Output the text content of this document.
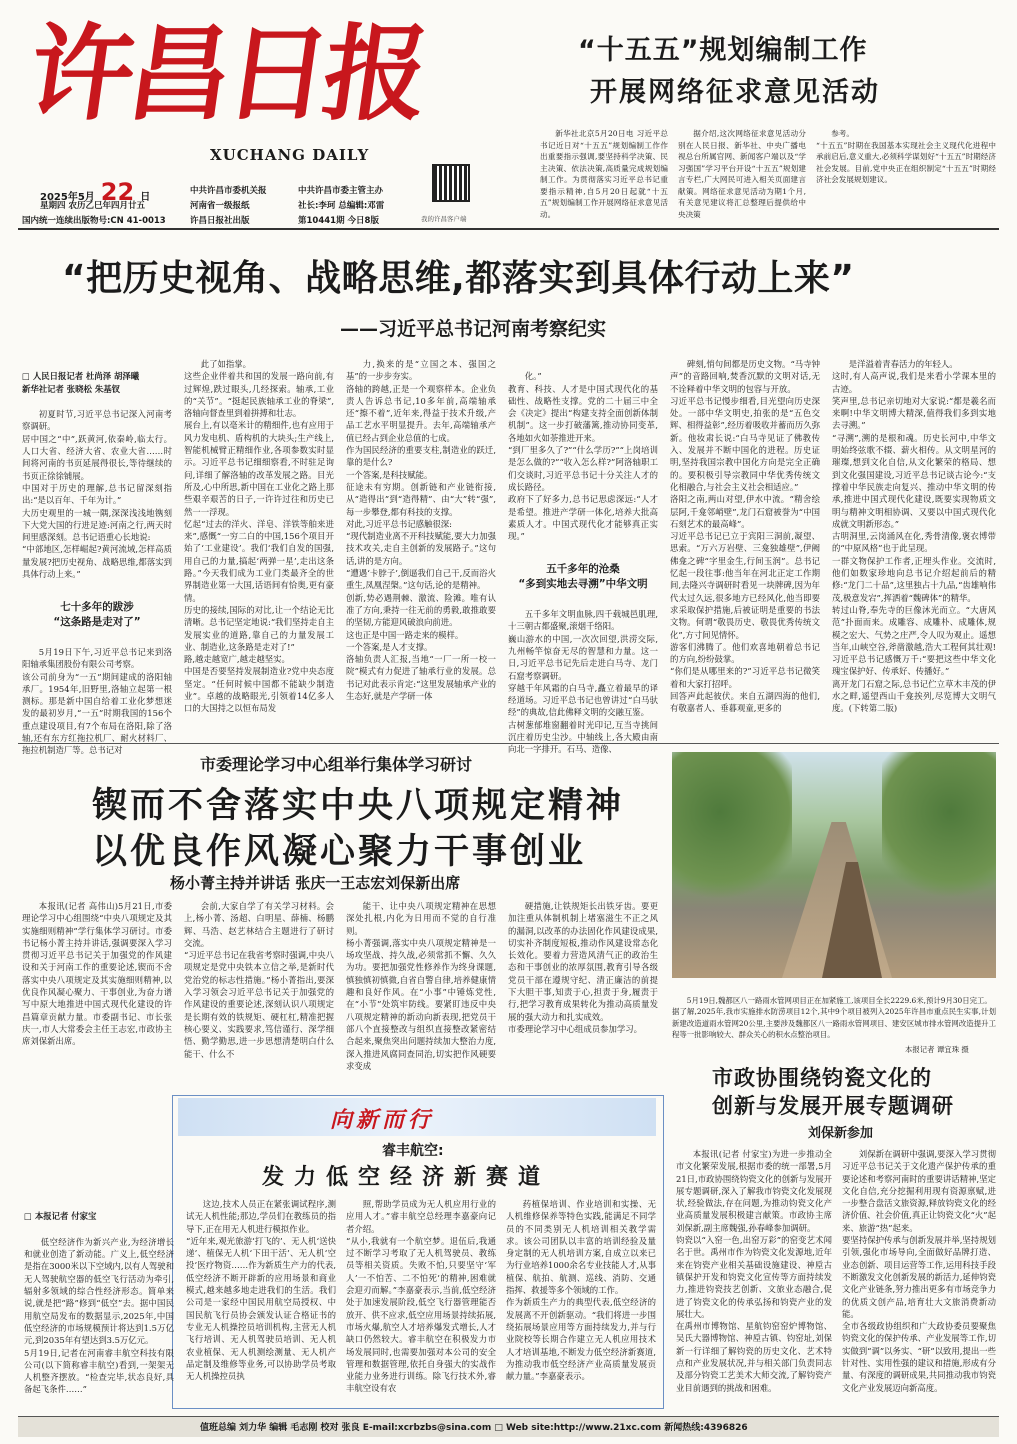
许昌日报
XUCHANG DAILY
2025年5月 22 日
星期四 农历乙巳年四月廿五
国内统一连续出版物号:CN 41-0013
中共许昌市委机关报
河南省一级报纸
许昌日报社出版
中共许昌市委主管主办
社长:李珂 总编辑:邓雷
第10441期 今日8版	我的许昌客户端
“十五五”规划编制工作
开展网络征求意见活动

新华社北京5月20日电 习近平总书记近日对“十五五”规划编制工作作出重要指示强调,要坚持科学决策、民主决策、依法决策,高质量完成规划编制工作。为贯彻落实习近平总书记重要指示精神,自5月20日起就“十五五”规划编制工作开展网络征求意见活动。

据介绍,这次网络征求意见活动分别在人民日报、新华社、中央广播电视总台所属官网、新闻客户端以及“学习强国”学习平台开设“十五五”规划建言专栏,广大网民可进入相关页面建言献策。网络征求意见活动为期1个月,有关意见建议将汇总整理后提供给中央决策

参考。
“十五五”时期在我国基本实现社会主义现代化进程中承前启后,意义重大,必须科学谋划好“十五五”时期经济社会发展。目前,党中央正在组织制定“十五五”时期经济社会发展规划建议。

“把历史视角、战略思维,都落实到具体行动上来”
——习近平总书记河南考察纪实

□ 人民日报记者 杜尚泽 胡泽曦
新华社记者 张晓松 朱基钗

初夏时节,习近平总书记深入河南考察调研。
居中国之“中”,跃黄河,依秦岭,临太行。人口大省、经济大省、农业大省……时间将河南的书页延展得很长,等待继续的书页正徐徐铺展。
中国对于历史的理解,总书记留深刻指出:“是以百年、千年为计。”
大历史观里的一城一隅,深深浅浅地镌刻下大党大国的行进足迹:河南之行,两天时间里感深刻。总书记语重心长地说:
“中部地区,怎样崛起?黄河流域,怎样高质量发展?把历史视角、战略思维,都落实到具体行动上来。”

七十多年的跋涉
“这条路是走对了”

5月19日下午,习近平总书记来到洛阳轴承集团股份有限公司考察。
该公司前身为“一五”期间建成的洛阳轴承厂。1954年,旧野里,洛轴立起第一根测标。那是新中国自给着工业化梦想迷发的最初岁月,“一五”时期我国的156个重点建设项目,有7个布局在洛阳,除了洛轴,还有东方红拖拉机厂、耐火材料厂、拖拉机制造厂等。总书记对

此了如指掌。
这些企业伴着共和国的发展一路向前,有过辉煌,跌过眼头,几经探索。轴承,工业的“关节”。“挺起民族轴承工业的脊梁”,洛轴向督查里到着拼搏和壮志。
展台上,有以毫米计的精细件,也有应用于风力发电机、盾构机的大块头;生产线上,智能机械臂正精细作业,各项参数实时显示。习近平总书记细细察看,不时驻足询问,详细了解洛轴的改革发展之路。目光所及,心中所思,新中国在工业化之路上那些艰辛艰苦的日子,一许许过往和历史已然一一浮现。
忆起“过去的洋火、洋皂、洋铁等舶来进来”,感慨“一穷二白的中国,156个项目开始了‘工业建设’。我们‘我们自发的国强,用自己的力量,搞起‘两弹一星’,走出这条路。”今天我们成为工业门类最齐全的世界制造业第一大国,话语间有恰奥,更有豪情。
历史的接续,国际的对比,让一个结论无比清晰。总书记坚定地说:“我们坚持走自主发展实业的道路,靠自己的力量发展工业、制造业,这条路是走对了!”
路,越走越宽广,越走越坚实。
中国是否要坚持发展制造业?党中央态度坚定。“任何时候中国都不能缺少制造业”。卓越的战略眼光,引领着14亿多人口的大国持之以恒布局发

力,换来的是“立国之本、强国之基”的一步步夯实。
洛轴的跨越,正是一个观察样本。企业负责人告诉总书记,10多年前,高端轴承还“擦不着”,近年来,得益于技术升级,产品工艺水平明显提升。去年,高端轴承产值已经占到企业总值的七成。
作为国民经济的重要支柱,制造业的跃迁,靠的是什么?
一个答案,是科技赋能。
征途未有穷期。创新链和产业链衔接,从“造得出”到“造得精”、由“大”转“强”,每一步攀登,都有科技的支撑。
对此,习近平总书记感触很深:
“现代制造业离不开科技赋能,要大力加强技术攻关,走自主创新的发展路子。”这句话,讲的是方向。
“遭遇‘卡脖子’,倒逼我们自己干,反而浴火重生,凤凰涅槃。”这句话,论的是精神。
创新,势必遇荆棘、激流、险滩。唯有认准了方向,秉持一往无前的勇毅,敢推敢要的坚韧,方能迎风破浪向前进。
这也正是中国一路走来的模样。
一个答案,是人才支撑。
洛轴负责人汇报,当地“一厂一所一校一院”模式有力促进了轴承行业的发展。总书记对此表示肯定:“这里发展轴承产业的生态好,就是产学研一体

化。”
教育、科技、人才是中国式现代化的基础性、战略性支撑。党的二十届三中全会《决定》提出“构建支持全面创新体制机制”。这一步打破藩篱,推动协同变革,各地如火如荼推进开来。
“到厂里多久了?”“什么学历?”“上岗培训是怎么做的?”“收入怎么样?”阿洛轴职工们交谈时,习近平总书记十分关注人才的成长路径。
政府下了好多力,总书记思虑深远:“人才是希望。推进产学研一体化,培养大批高素质人才。中国式现代化才能够真正实现。”

五千多年的沧桑
“多到实地去寻溯”中华文明

五千多年文明血脉,四千载城邑肌理,十三朝古都盛聚,滚烟千络阳。
巍山游水的中国,一次次回望,洪涝交际,九州畅竿惊奋无尽的智慧和力量。这一日,习近平总书记先后走进白马寺、龙门石窟考察调研。
穿越千年风霜的白马寺,矗立着最早的译经道场。习近平总书记也曾讲过“白马驮经”的典故,信此佛释文明的交融互鉴。
古树葱郁堆窗翻着时光印记,互当寺挑间沉庄着历史尘沙。中轴线上,各大殿由南向北一字排开。石马、造像、

碑刻,悄句间都是历史文物。“马寺钟声”的音路回响,焚香沉默的文明对话,无不诠释着中华文明的包容与开放。
习近平总书记慢步细看,目光望向历史深处。一部中华文明史,拍张的是“五色交辉、相得益彰”,经历着吸收并蓄而历久弥新。他妆肃长说:“白马寺见证了佛教传入、发展并不断中国化的进程。历史证明,坚持我国宗教中国化方向是完全正确的。要积极引导宗教同中华优秀传统文化相融合,与社会主义社会相适应。”
洛阳之南,两山对望,伊水中流。“精舍绘层阿,千龛邻峭壁”,龙门石窟被誉为“中国石刻艺术的最高峰”。
习近平总书记已立于宾阳三洞前,凝望、思索。“万六万岩壁、三龛独雄壁”,伊阙佛龛之碑“字里金生,行间玉润”。总书记忆起一段往事:他当年在河北正定工作期间,去隆兴寺调研时看见一块牌碑,因为年代太过久远,很多地方已经风化,他当即要求采取保护措施,后被证明是重要的书法文物。何谓“敬畏历史、敬畏优秀传统文化”,方寸间见情怀。
游客们沸腾了。他们欢喜地朝着总书记的方向,纷纷鼓掌。
“你们是从哪里来的?”习近平总书记微笑着和大家打招呼。
回答声此起彼伏。来自五湖四海的他们,有敬嘉者人、垂暮观童,更多的

是洋溢着青春活力的年轻人。
这时,有人高声说,我们是来看小学课本里的古迹。
笑声里,总书记亲切地对大家说:“都是羲名而来啊!中华文明博大精深,值得我们多到实地去寻溯。”
“寻溯”,溯的是根和魂。历史长河中,中华文明始终弦歌不辍、薪火相传。从文明星河的璀璨,想到文化自信,从文化繁荣的格局、想到文化强国建设,习近平总书记谈古论今:“支撑着中华民族走向复兴、推动中华文明的传承,推进中国式现代化建设,既要实现物质文明与精神文明相协调、又要以中国式现代化成就文明新形态。”
古明洞里,云岗涌风在化,秀骨清像,褒衣博带的“中原风格”也于此呈现。
一群文物保护工作者,正埋头作业。交流时,他们如数家珍地向总书记介绍起前后的精修:“龙门二十品”,这里独占十九品,“齿雄响伟茂,极意发宕”,挥洒着“魏碑体”的精华。
转过山脊,奉先寺的巨像沐光而立。“大唐风范”扑面而来。成雕容、成雕朴、成雕体,规模之宏大、气势之庄严,令人叹为观止。遥想当年,山峡空谷,斧凿激越,浩大工程何其壮观!习近平总书记感慨万千:“要把这些中华文化瑰宝保护好、传承好、传播好。”
离开龙门石窟之际,总书记伫立草木丰茂的伊水之畔,遥望西山千龛挨列,尽览博大文明气度。(下转第二版)

市委理论学习中心组举行集体学习研讨
锲而不舍落实中央八项规定精神
以优良作风凝心聚力干事创业
杨小菁主持并讲话 张庆一王志宏刘保新出席

本报讯(记者 高伟山)5月21日,市委理论学习中心组围绕“中央八项规定及其实施细则精神”学行集体学习研讨。市委书记杨小菁主持并讲话,强调要深入学习贯彻习近平总书记关于加强党的作风建设和关于河南工作的重要论述,锲而不舍落实中央八项规定及其实施细则精神,以优良作风凝心聚力、干事创业,为奋力谱写中原大地推进中国式现代化建设的许昌篇章贡献力量。市委副书记、市长张庆一,市人大常委会主任王志宏,市政协主席刘保新出席。

会前,大家自学了有关学习材料。会上,杨小菁、汤超、白明星、薛楠、杨鹏辉、马浩、赵艺林结合主题进行了研讨交流。
“习近平总书记在我省考察时强调,中央八项规定是党中央铁本立信之举,是新时代党治党的标志性措施。”杨小菁指出,要深入学习领会习近平总书记关于加强党的作风建设的重要论述,深刻认识八项规定是长期有效的铁规矩、硬杠杠,精准把握核心要义、实践要求,笃信谨行、深学细悟、勤学勤思,进一步思想清楚明白什么能干、什么不

能干、让中央八项规定精神在思想深处扎根,内化为日用而不觉的自行准则。
杨小菁强调,落实中央八项规定精神是一场攻坚战、持久战,必须常抓不懈、久久为功。要把加强党性修养作为终身课题,慎独慎初慎微,自省自警自律,培养健康情趣和良好作风。在“小事”中锤炼党性,在“小节”处筑牢防线。要紧盯违反中央八项规定精神的新动向新表现,把党员干部八个直接整改与组织直接整改紧密结合起来,聚焦突出问题持续加大整治力度,深入推进风腐同查同治,切实把作风硬要求变成

硬措施,让铁规矩长出铁牙齿。要更加注重从体制机制上堵塞滋生不正之风的漏洞,以改革的办法固化作风建设成果,切实补齐制度短板,推动作风建设常态化长效化。要着力营造风清气正的政治生态和干事创业的浓厚氛围,教育引导各级党员干部在遵规守纪、清正廉洁的前提下大胆干事,知责于心,担责于身,履责于行,把学习教育成果转化为推动高质量发展的强大动力和扎实成效。
市委理论学习中心组成员参加学习。

5月19日,魏都区八一路雨水管网项目正在加紧施工,该项目全长2229.6米,预计9月30日完工。
据了解,2025年,我市实施排水防涝项目12个,其中9个项目被列入2025年许昌市重点民生实事,计划新建改造道雨水管网20公里,主要涉及魏都区八一路雨水管网项目、建安区城市排水管网改造提升工程等一批影响较大、群众关心的积水点整治项目。

本报记者 谭宜珠 摄
向新而行
睿丰航空:
发力低空经济新赛道

□ 本报记者 付家宝

低空经济作为新兴产业,为经济增长和就业创造了新动能。广义上,低空经济是指在3000米以下空域内,以有人驾驶和无人驾驶航空器的低空飞行活动为牵引,辐射多领域的综合性经济形态。简单来说,就是把“路”修到“低空”去。据中国民用航空局发布的数据显示,2025年,中国低空经济的市场规模预计将达到1.5万亿元,到2035年有望达到3.5万亿元。
5月19日,记者在河南睿丰航空科技有限公司(以下简称睿丰航空)看到,一架架无人机整齐摆放。“检查完毕,状态良好,具备起飞条件……”

这边,技术人员正在紧张调试程序,测试无人机性能;那边,学员们在教练员的指导下,正在用无人机进行模拟作业。
“近年来,观光旅游‘打飞的’、无人机‘送快递’、植保无人机‘下田干活’、无人机‘空投’医疗物资……作为新质生产力的代表,低空经济不断开辟新的应用场景和商业模式,越来越多地走进我们的生活。我们公司是一家经中国民用航空局授权、中国民航飞行员协会颁发认证合格证书的专业无人机操控员培训机构,主营无人机飞行培训、无人机驾驶员培训、无人机农业植保、无人机测绘测量、无人机产品定制及维修等业务,可以协助学员考取无人机操控员执

照,帮助学员成为无人机应用行业的应用人才。”睿丰航空总经理李嘉豪向记者介绍。
“从小,我就有一个航空梦。退伍后,我通过不断学习考取了无人机驾驶员、教练员等相关资质。失败不怕,只要坚守‘军人’一不怕苦、二不怕死’的精神,困难就会迎刃而解。”李嘉豪表示,当前,低空经济处于加速发展阶段,低空飞行器管理能否放开、供不应求,低空应用场景持续拓展,市场火爆,航空人才培养爆发式增长,人才缺口仍然较大。睿丰航空在积极发力市场发展同时,也需要加强对本公司的安全管理和数据管理,依托自身强大的实战作业能力业务进行训练。除飞行技术外,睿丰航空设有农

药植保培训、作业培训和实操、无人机维修保养等特色实践,能满足不同学员的不同类别无人机培训相关教学需求。该公司团队以丰富的培训经验及量身定制的无人机培训方案,自成立以来已为行业培养1000余名专业技能人才,从事植保、航拍、航测、巡线、消防、交通指挥、救援等多个领域的工作。
作为新质生产力的典型代表,低空经济的发展离不开创新驱动。“我们将进一步围绕拓展场景应用等方面持续发力,并与行业院校等长期合作建立无人机应用技术人才培训基地,不断发力低空经济新赛道,为推动我市低空经济产业高质量发展贡献力量。”李嘉豪表示。

市政协围绕钧瓷文化的
创新与发展开展专题调研
刘保新参加

本报讯(记者 付家宝)为进一步推动全市文化繁荣发展,根据市委的统一部署,5月21日,市政协围绕钧瓷文化的创新与发展开展专题调研,深入了解我市钧瓷文化发展现状,经验做法,存在问题,为推动钧瓷文化产业高质量发展积极建言献策。市政协主席刘保新,副主席魏强,孙春峰参加调研。
钧瓷以“入窑一色,出窑万彩”的窑变艺术闻名于世。禹州市作为钧瓷文化发源地,近年来在钧瓷产业相关基础设施建设、神垕古镇保护开发和钧瓷文化宣传等方面持续发力,推进钧瓷技艺创新、文旅业态融合,促进了钧瓷文化的传承弘扬和钧瓷产业的发展壮大。
在禹州市博物馆、星航钧窑窑炉博物馆、吴氏大器博物馆、神垕古镇、钧窑址,刘保新一行详细了解钧瓷的历史文化、艺术特点和产业发展状况,并与相关部门负责同志及部分钧瓷工艺美术大师交流,了解钧瓷产业目前遇到的挑战和困难。

刘保新在调研中强调,要深入学习贯彻习近平总书记关于文化遗产保护传承的重要论述和考察河南时的重要讲话精神,坚定文化自信,充分挖掘利用现有资源禀赋,进一步整合盘活文旅资源,释放钧瓷文化的经济价值、社会价值,真正让钧瓷文化“火”起来、旅游“热”起来。
要坚持保护传承与创新发展并举,坚持规划引领,强化市场导向,全面做好品牌打造、业态创新、项目运营等工作,运用科技手段不断激发文化创新发展的新活力,延伸钧瓷文化产业链条,努力推出更多有市场竞争力的优质文创产品,培育壮大文旅消费新动能。
全市各级政协组织和广大政协委员要聚焦钧瓷文化的保护传承、产业发展等工作,切实做到“调”以务实、“研”以致用,提出一些针对性、实用性强的建议和措施,形成有分量、有深度的调研成果,共同推动我市钧瓷文化产业发展迈向新高度。

值班总编 刘力华 编辑 毛志刚 校对 张良 E-mail:xcrbzbs@sina.com □ Web site:http://www.21xc.com 新闻热线:4396826
